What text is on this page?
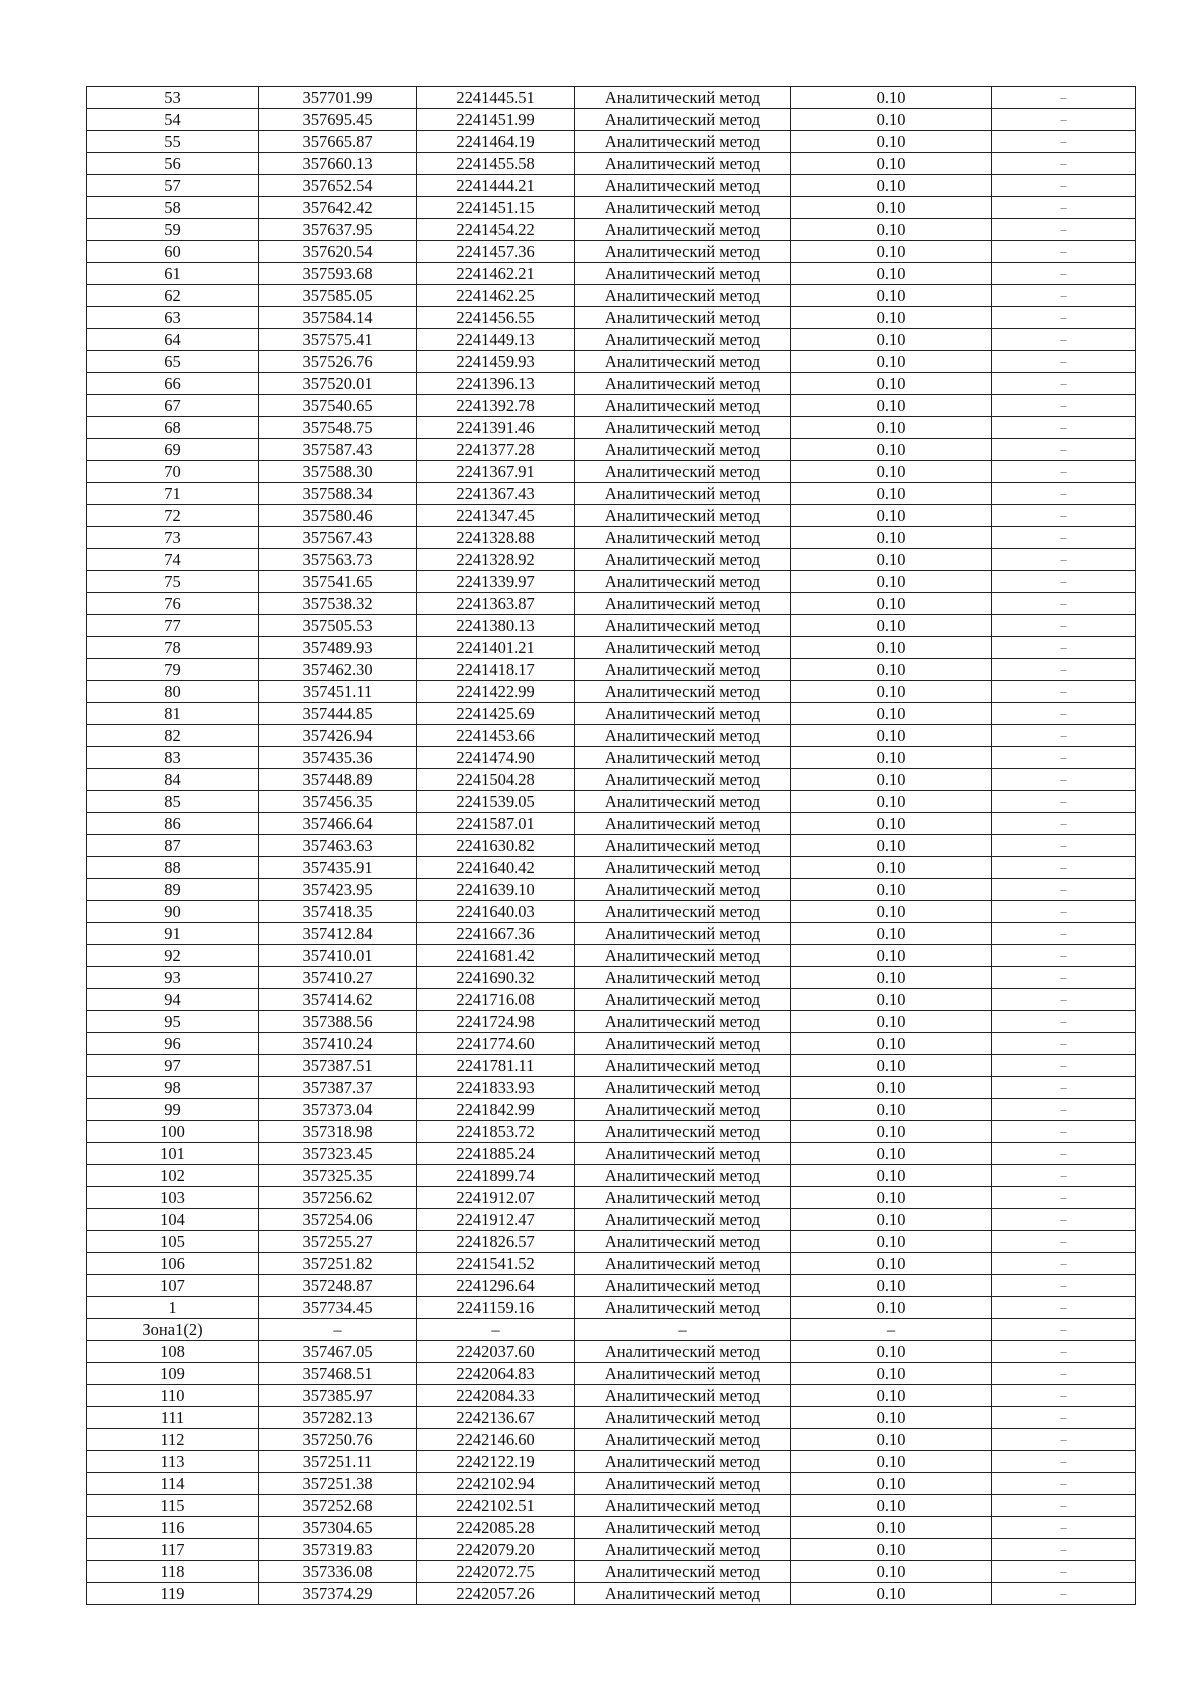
53	357701.99	2241445.51	Аналитический метод	0.10	–
54	357695.45	2241451.99	Аналитический метод	0.10	–
55	357665.87	2241464.19	Аналитический метод	0.10	–
56	357660.13	2241455.58	Аналитический метод	0.10	–
57	357652.54	2241444.21	Аналитический метод	0.10	–
58	357642.42	2241451.15	Аналитический метод	0.10	–
59	357637.95	2241454.22	Аналитический метод	0.10	–
60	357620.54	2241457.36	Аналитический метод	0.10	–
61	357593.68	2241462.21	Аналитический метод	0.10	–
62	357585.05	2241462.25	Аналитический метод	0.10	–
63	357584.14	2241456.55	Аналитический метод	0.10	–
64	357575.41	2241449.13	Аналитический метод	0.10	–
65	357526.76	2241459.93	Аналитический метод	0.10	–
66	357520.01	2241396.13	Аналитический метод	0.10	–
67	357540.65	2241392.78	Аналитический метод	0.10	–
68	357548.75	2241391.46	Аналитический метод	0.10	–
69	357587.43	2241377.28	Аналитический метод	0.10	–
70	357588.30	2241367.91	Аналитический метод	0.10	–
71	357588.34	2241367.43	Аналитический метод	0.10	–
72	357580.46	2241347.45	Аналитический метод	0.10	–
73	357567.43	2241328.88	Аналитический метод	0.10	–
74	357563.73	2241328.92	Аналитический метод	0.10	–
75	357541.65	2241339.97	Аналитический метод	0.10	–
76	357538.32	2241363.87	Аналитический метод	0.10	–
77	357505.53	2241380.13	Аналитический метод	0.10	–
78	357489.93	2241401.21	Аналитический метод	0.10	–
79	357462.30	2241418.17	Аналитический метод	0.10	–
80	357451.11	2241422.99	Аналитический метод	0.10	–
81	357444.85	2241425.69	Аналитический метод	0.10	–
82	357426.94	2241453.66	Аналитический метод	0.10	–
83	357435.36	2241474.90	Аналитический метод	0.10	–
84	357448.89	2241504.28	Аналитический метод	0.10	–
85	357456.35	2241539.05	Аналитический метод	0.10	–
86	357466.64	2241587.01	Аналитический метод	0.10	–
87	357463.63	2241630.82	Аналитический метод	0.10	–
88	357435.91	2241640.42	Аналитический метод	0.10	–
89	357423.95	2241639.10	Аналитический метод	0.10	–
90	357418.35	2241640.03	Аналитический метод	0.10	–
91	357412.84	2241667.36	Аналитический метод	0.10	–
92	357410.01	2241681.42	Аналитический метод	0.10	–
93	357410.27	2241690.32	Аналитический метод	0.10	–
94	357414.62	2241716.08	Аналитический метод	0.10	–
95	357388.56	2241724.98	Аналитический метод	0.10	–
96	357410.24	2241774.60	Аналитический метод	0.10	–
97	357387.51	2241781.11	Аналитический метод	0.10	–
98	357387.37	2241833.93	Аналитический метод	0.10	–
99	357373.04	2241842.99	Аналитический метод	0.10	–
100	357318.98	2241853.72	Аналитический метод	0.10	–
101	357323.45	2241885.24	Аналитический метод	0.10	–
102	357325.35	2241899.74	Аналитический метод	0.10	–
103	357256.62	2241912.07	Аналитический метод	0.10	–
104	357254.06	2241912.47	Аналитический метод	0.10	–
105	357255.27	2241826.57	Аналитический метод	0.10	–
106	357251.82	2241541.52	Аналитический метод	0.10	–
107	357248.87	2241296.64	Аналитический метод	0.10	–
1	357734.45	2241159.16	Аналитический метод	0.10	–
Зона1(2)	–	–	–	–	–
108	357467.05	2242037.60	Аналитический метод	0.10	–
109	357468.51	2242064.83	Аналитический метод	0.10	–
110	357385.97	2242084.33	Аналитический метод	0.10	–
111	357282.13	2242136.67	Аналитический метод	0.10	–
112	357250.76	2242146.60	Аналитический метод	0.10	–
113	357251.11	2242122.19	Аналитический метод	0.10	–
114	357251.38	2242102.94	Аналитический метод	0.10	–
115	357252.68	2242102.51	Аналитический метод	0.10	–
116	357304.65	2242085.28	Аналитический метод	0.10	–
117	357319.83	2242079.20	Аналитический метод	0.10	–
118	357336.08	2242072.75	Аналитический метод	0.10	–
119	357374.29	2242057.26	Аналитический метод	0.10	–
